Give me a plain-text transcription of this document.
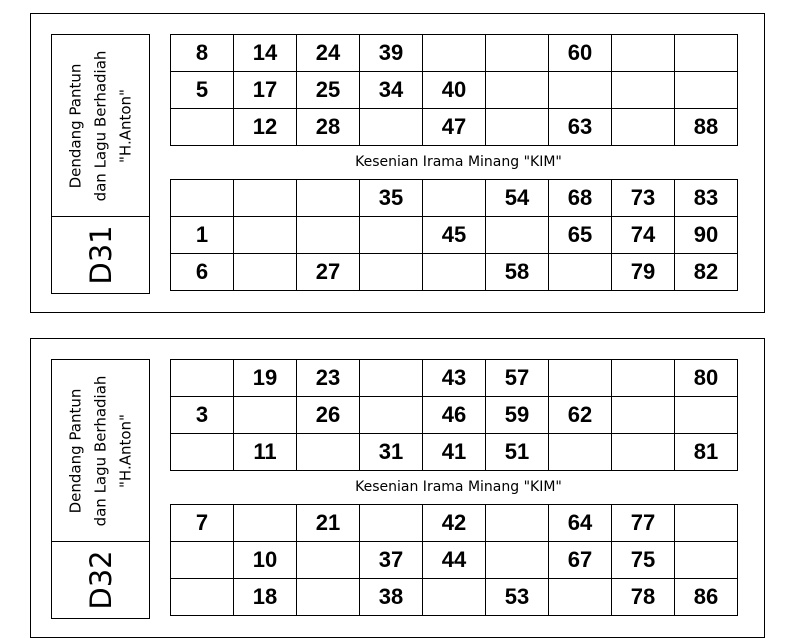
Dendang Pantun dan Lagu Berhadiah "H.Anton"
D31
8	14	24	39			60		
5	17	25	34	40				
	12	28		47		63		88
Kesenian Irama Minang "KIM"
			35		54	68	73	83
1				45		65	74	90
6		27			58		79	82
Dendang Pantun dan Lagu Berhadiah "H.Anton"
D32
	19	23		43	57			80
3		26		46	59	62		
	11		31	41	51			81
Kesenian Irama Minang "KIM"
7		21		42		64	77	
	10		37	44		67	75	
	18		38		53		78	86
